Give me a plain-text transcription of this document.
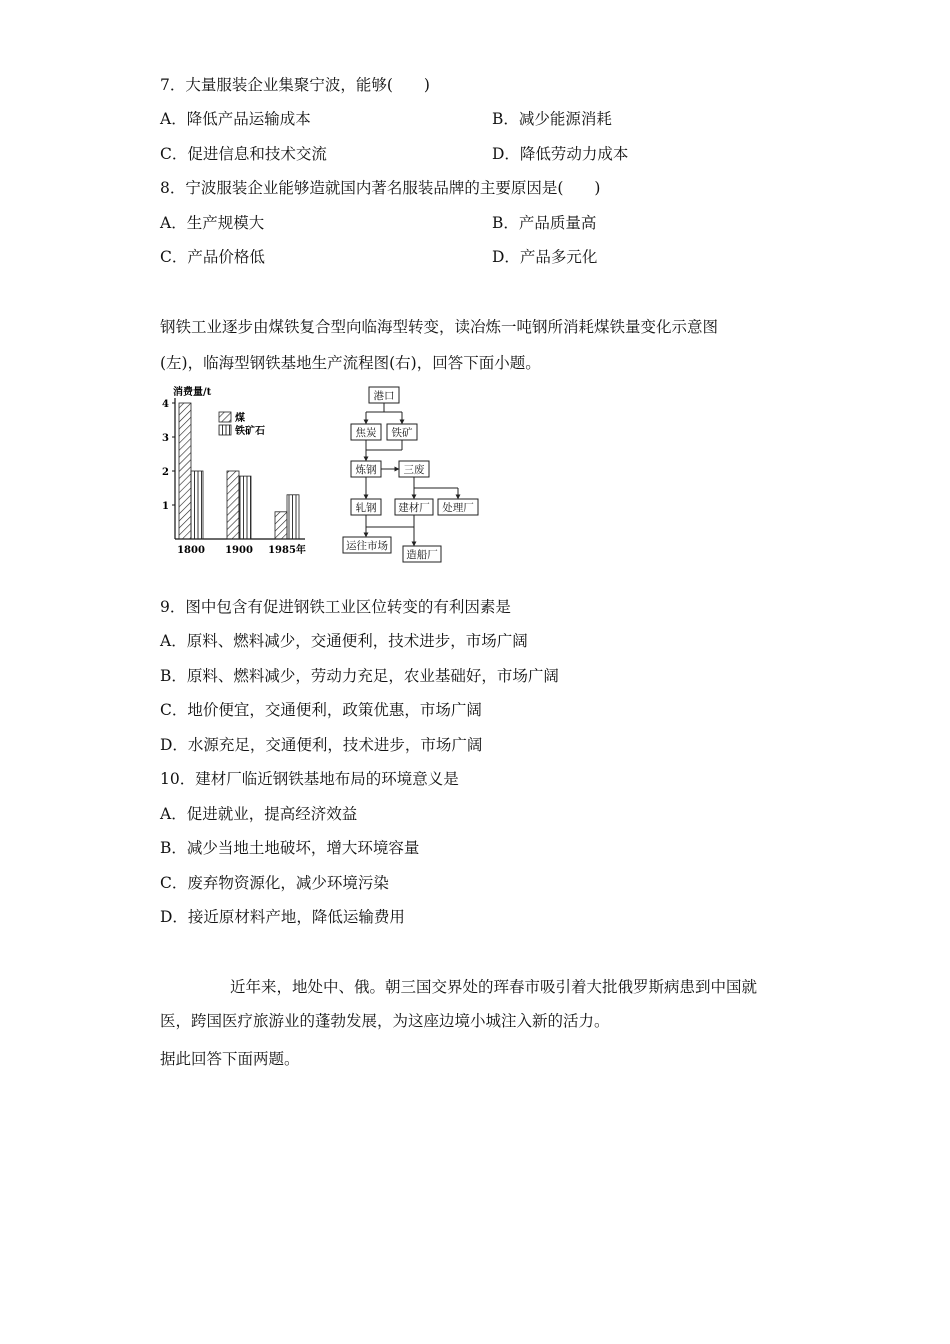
7．大量服装企业集聚宁波，能够(　　)
A．降低产品运输成本	B．减少能源消耗
C．促进信息和技术交流	D．降低劳动力成本
8．宁波服装企业能够造就国内著名服装品牌的主要原因是(　　)
A．生产规模大	B．产品质量高
C．产品价格低	D．产品多元化
钢铁工业逐步由煤铁复合型向临海型转变，读冶炼一吨钢所消耗煤铁量变化示意图
(左)，临海型钢铁基地生产流程图(右)，回答下面小题。
消费量/t
1800 1900 1985年
1
2
3
4
煤
铁矿石
港口
焦炭 铁矿
炼钢	三废
轧钢 建材厂 处理厂
运往市场
造船厂
9．图中包含有促进钢铁工业区位转变的有利因素是
A．原料、燃料减少，交通便利，技术进步，市场广阔
B．原料、燃料减少，劳动力充足，农业基础好，市场广阔
C．地价便宜，交通便利，政策优惠，市场广阔
D．水源充足，交通便利，技术进步，市场广阔
10．建材厂临近钢铁基地布局的环境意义是
A．促进就业，提高经济效益
B．减少当地土地破坏，增大环境容量
C．废弃物资源化，减少环境污染
D．接近原材料产地，降低运输费用
近年来，地处中、俄。朝三国交界处的珲春市吸引着大批俄罗斯病患到中国就医，跨国医疗旅游业的蓬勃发展，为这座边境小城注入新的活力。
据此回答下面两题。
